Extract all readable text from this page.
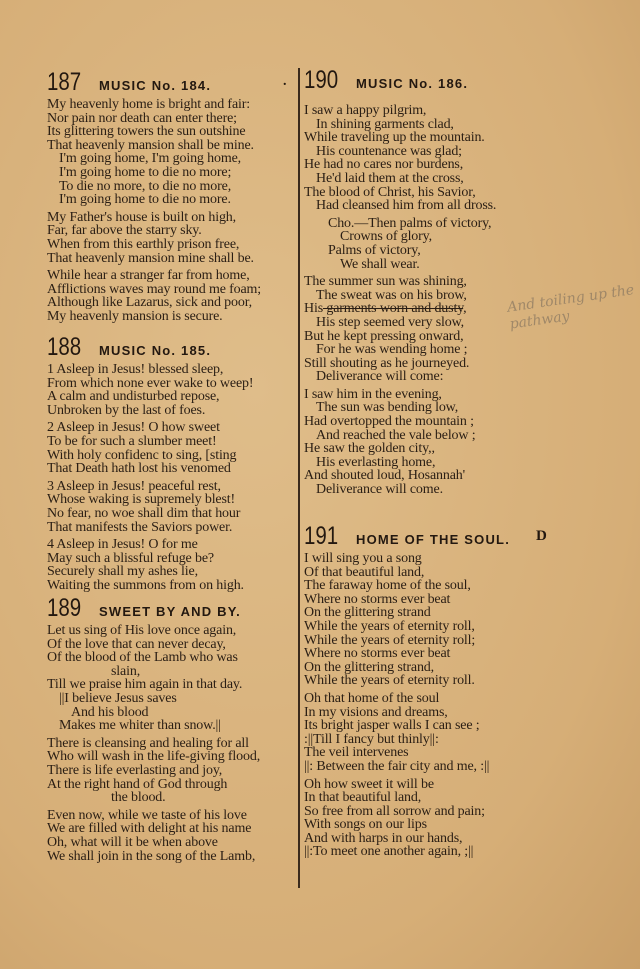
.
187	MUSIC No. 184.
My heavenly home is bright and fair:
Nor pain nor death can enter there;
Its glittering towers the sun outshine
That heavenly mansion shall be mine.
I'm going home, I'm going home,
I'm going home to die no more;
To die no more, to die no more,
I'm going home to die no more.
My Father's house is built on high,
Far, far above the starry sky.
When from this earthly prison free,
That heavenly mansion mine shall be.
While hear a stranger far from home,
Afflictions waves may round me foam;
Although like Lazarus, sick and poor,
My heavenly mansion is secure.
188	MUSIC No. 185.
1 Asleep in Jesus! blessed sleep,
From which none ever wake to weep!
A calm and undisturbed repose,
Unbroken by the last of foes.
2 Asleep in Jesus! O how sweet
To be for such a slumber meet!
With holy confidenc to sing, [sting
That Death hath lost his venomed
3 Asleep in Jesus! peaceful rest,
Whose waking is supremely blest!
No fear, no woe shall dim that hour
That manifests the Saviors power.
4 Asleep in Jesus! O for me
May such a blissful refuge be?
Securely shall my ashes lie,
Waiting the summons from on high.
189	SWEET BY AND BY.
Let us sing of His love once again,
Of the love that can never decay,
Of the blood of the Lamb who was
slain,
Till we praise him again in that day.
||I believe Jesus saves
And his blood
Makes me whiter than snow.||
There is cleansing and healing for all
Who will wash in the life-giving flood,
There is life everlasting and joy,
At the right hand of God through
the blood.
Even now, while we taste of his love
We are filled with delight at his name
Oh, what will it be when above
We shall join in the song of the Lamb,
190	MUSIC No. 186.
I saw a happy pilgrim,
In shining garments clad,
While traveling up the mountain.
His countenance was glad;
He had no cares nor burdens,
He'd laid them at the cross,
The blood of Christ, his Savior,
Had cleansed him from all dross.
Cho.—Then palms of victory,
Crowns of glory,
Palms of victory,
We shall wear.
The summer sun was shining,
The sweat was on his brow,
His garments worn and dusty,
His step seemed very slow,
But he kept pressing onward,
For he was wending home ;
Still shouting as he journeyed.
Deliverance will come:
I saw him in the evening,
The sun was bending low,
Had overtopped the mountain ;
And reached the vale below ;
He saw the golden city,,
His everlasting home,
And shouted loud, Hosannah'
Deliverance will come.
191	HOME OF THE SOUL.
I will sing you a song
Of that beautiful land,
The faraway home of the soul,
Where no storms ever beat
On the glittering strand
While the years of eternity roll,
While the years of eternity roll;
Where no storms ever beat
On the glittering strand,
While the years of eternity roll.
Oh that home of the soul
In my visions and dreams,
Its bright jasper walls I can see ;
:||Till I fancy but thinly||:
The veil intervenes
||: Between the fair city and me, :||
Oh how sweet it will be
In that beautiful land,
So free from all sorrow and pain;
With songs on our lips
And with harps in our hands,
||:To meet one another again, ;||
D
And toiling up the pathway
